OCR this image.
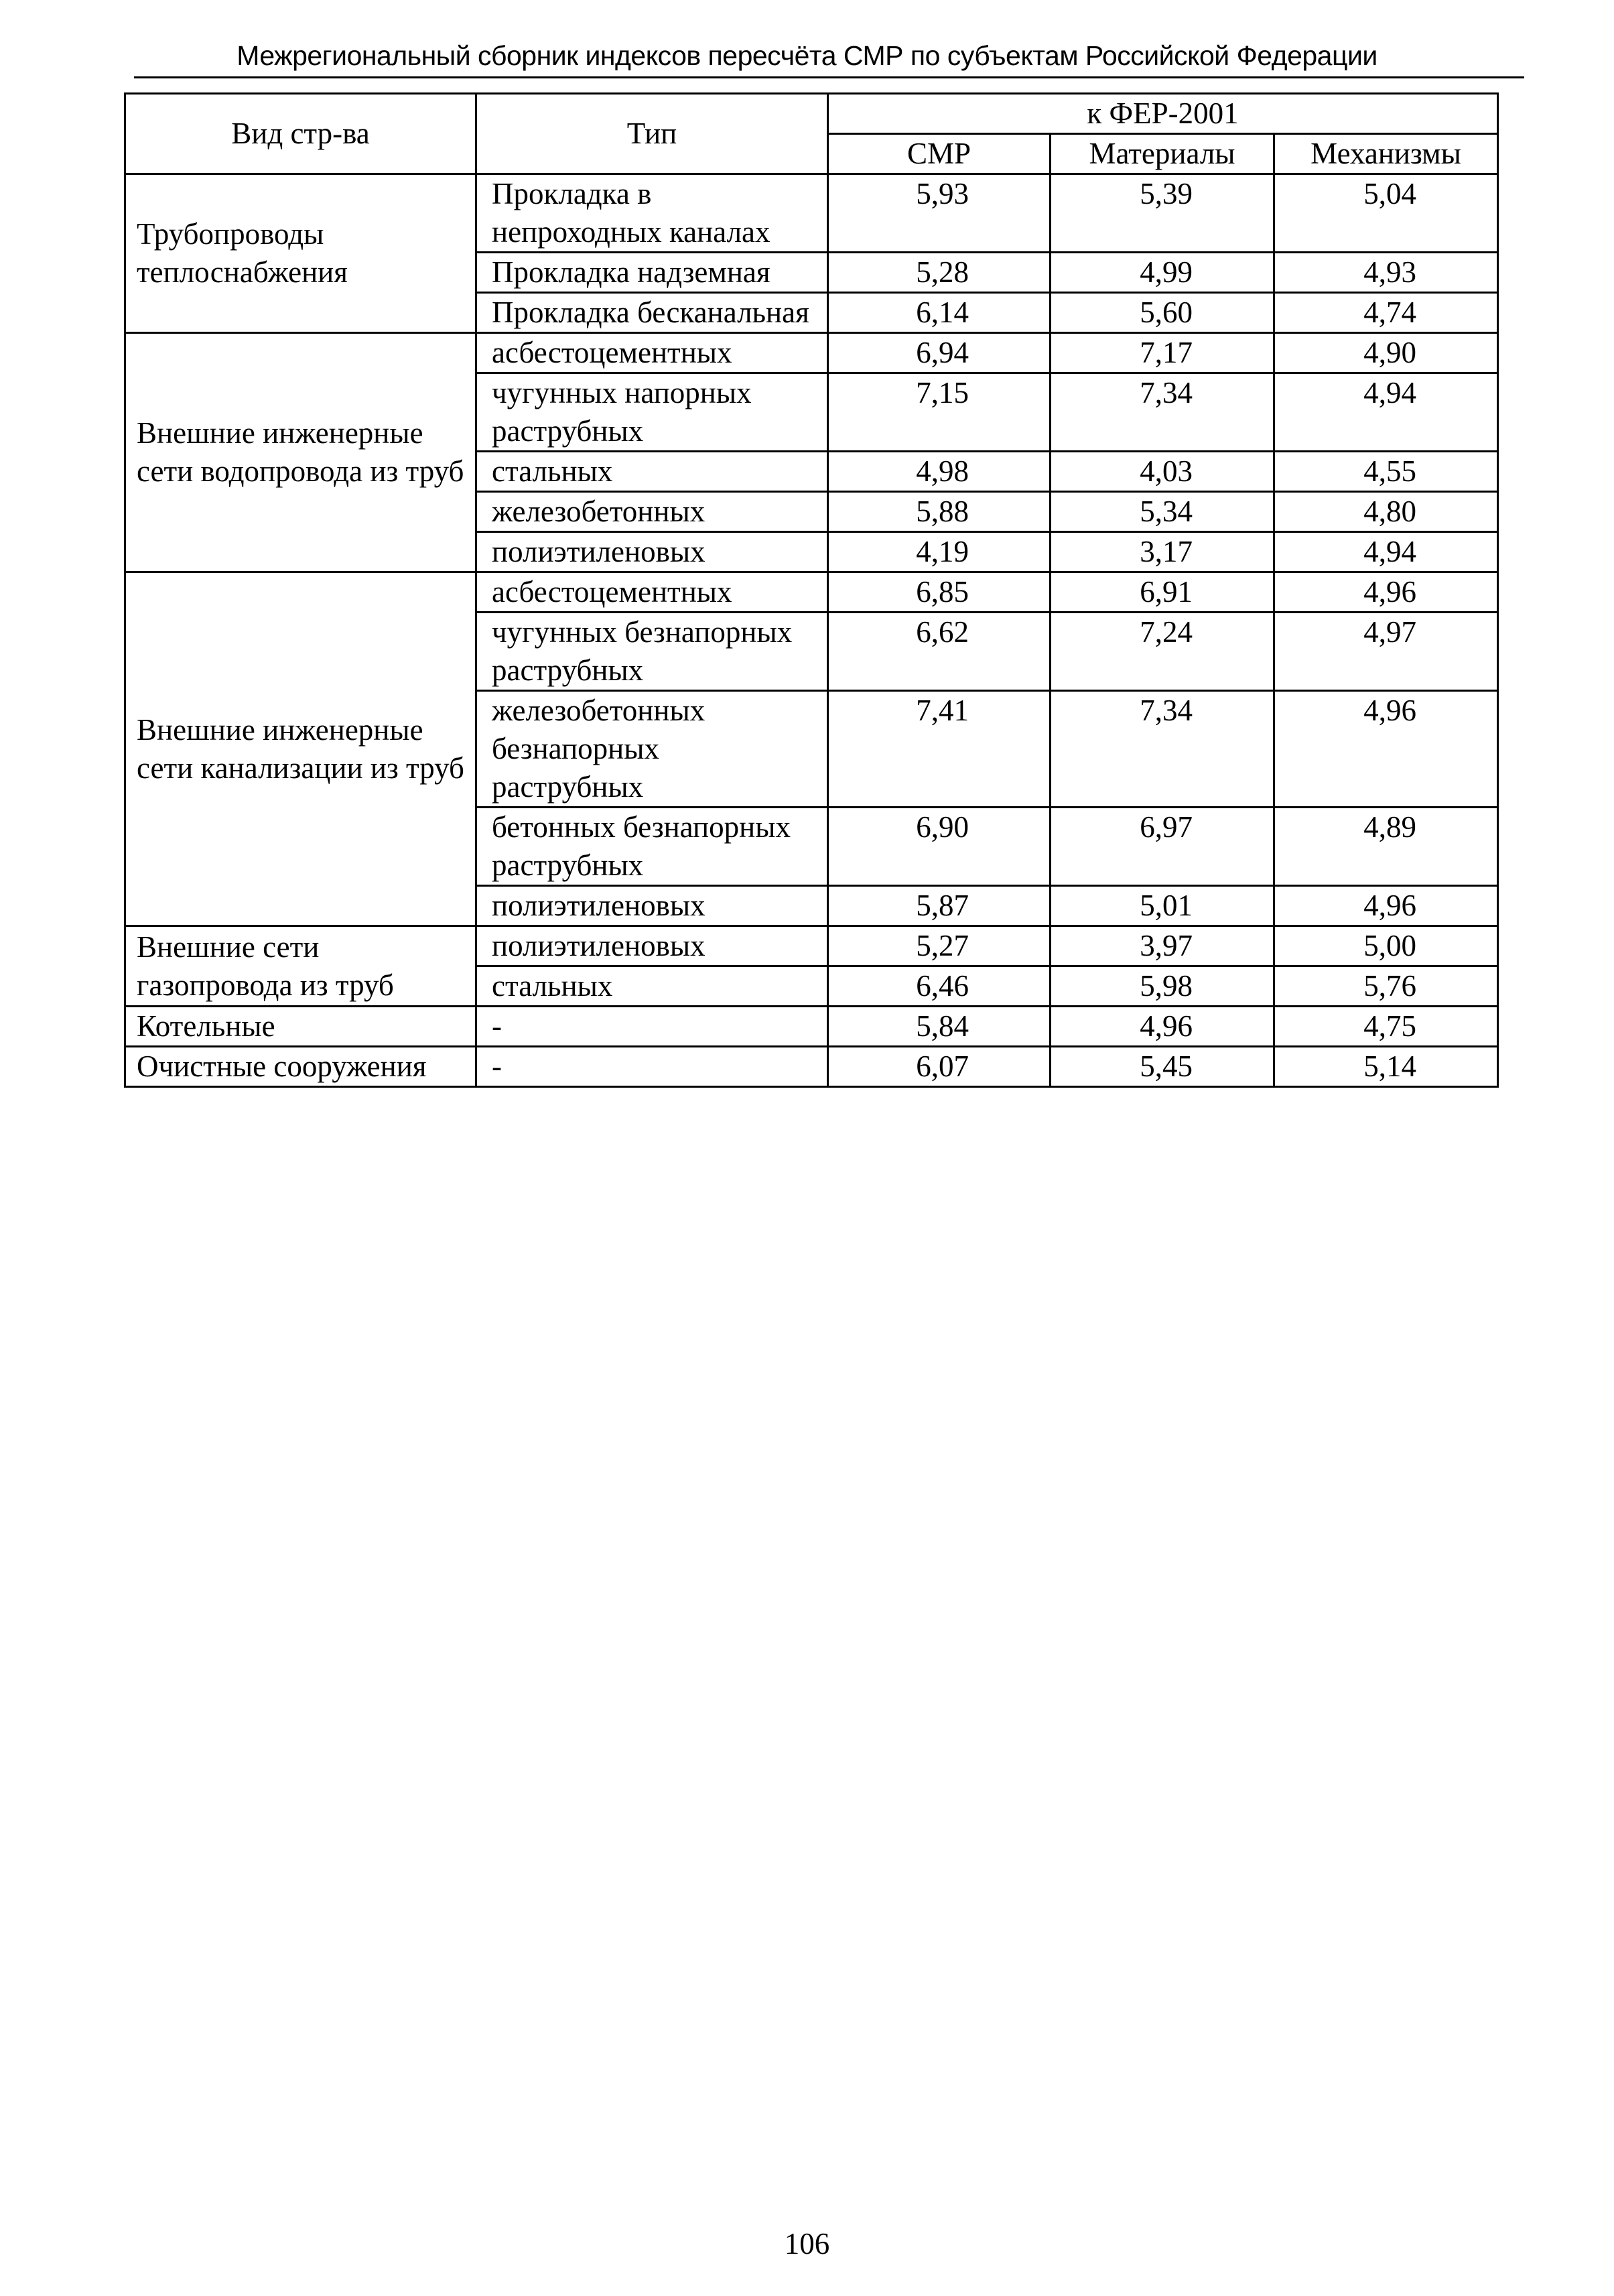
Межрегиональный сборник индексов пересчёта СМР по субъектам Российской Федерации
Вид стр-ва	Тип	к ФЕР-2001		
		СМР	Материалы	Механизмы
Трубопроводы теплоснабжения	Прокладка в непроходных каналах	5,93	5,39	5,04
	Прокладка надземная	5,28	4,99	4,93
	Прокладка бесканальная	6,14	5,60	4,74
Внешние инженерные сети водопровода из труб	асбестоцементных	6,94	7,17	4,90
	чугунных напорных раструбных	7,15	7,34	4,94
	стальных	4,98	4,03	4,55
	железобетонных	5,88	5,34	4,80
	полиэтиленовых	4,19	3,17	4,94
Внешние инженерные сети канализации из труб	асбестоцементных	6,85	6,91	4,96
	чугунных безнапорных раструбных	6,62	7,24	4,97
	железобетонных безнапорных раструбных	7,41	7,34	4,96
	бетонных безнапорных раструбных	6,90	6,97	4,89
	полиэтиленовых	5,87	5,01	4,96
Внешние сети газопровода из труб	полиэтиленовых	5,27	3,97	5,00
	стальных	6,46	5,98	5,76
Котельные	-	5,84	4,96	4,75
Очистные сооружения	-	6,07	5,45	5,14
106
